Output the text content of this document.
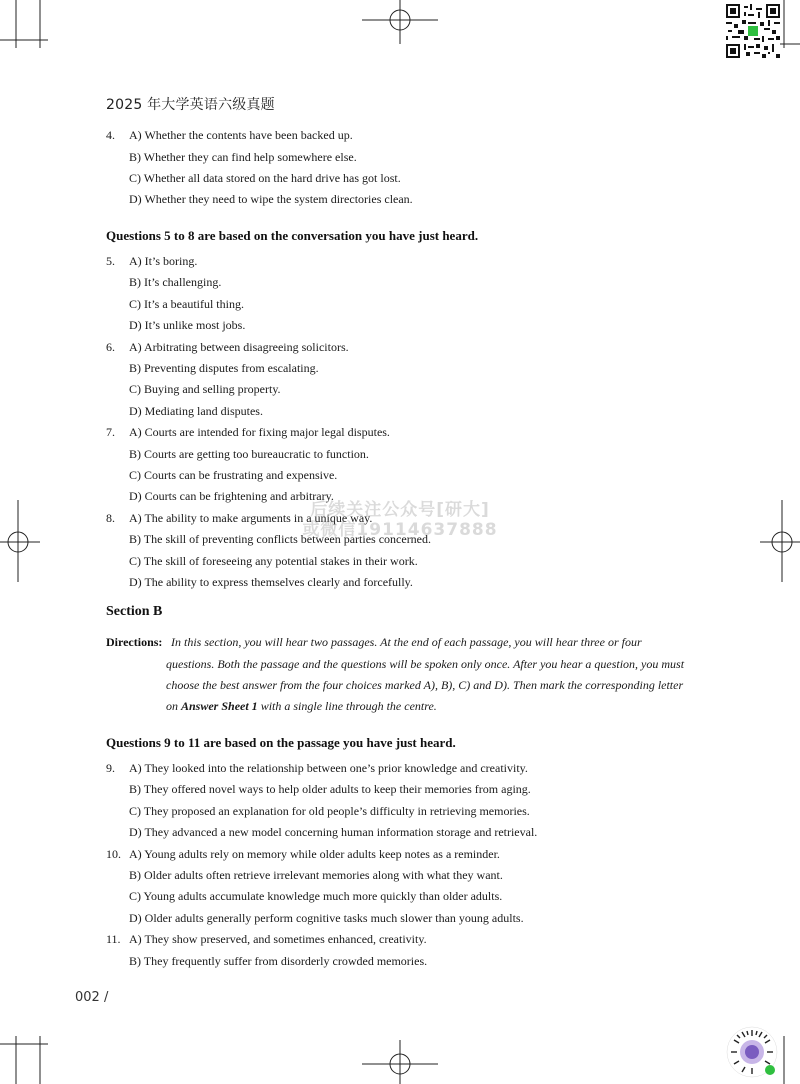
2025 年大学英语六级真题
4. A) Whether the contents have been backed up.
B) Whether they can find help somewhere else.
C) Whether all data stored on the hard drive has got lost.
D) Whether they need to wipe the system directories clean.
Questions 5 to 8 are based on the conversation you have just heard.
5. A) It’s boring.
B) It’s challenging.
C) It’s a beautiful thing.
D) It’s unlike most jobs.
6. A) Arbitrating between disagreeing solicitors.
B) Preventing disputes from escalating.
C) Buying and selling property.
D) Mediating land disputes.
7. A) Courts are intended for fixing major legal disputes.
B) Courts are getting too bureaucratic to function.
C) Courts can be frustrating and expensive.
D) Courts can be frightening and arbitrary.
8. A) The ability to make arguments in a unique way.
B) The skill of preventing conflicts between parties concerned.
C) The skill of foreseeing any potential stakes in their work.
D) The ability to express themselves clearly and forcefully.
Section B
Directions: In this section, you will hear two passages. At the end of each passage, you will hear three or four
questions. Both the passage and the questions will be spoken only once. After you hear a question, you must
choose the best answer from the four choices marked A), B), C) and D). Then mark the corresponding letter
on Answer Sheet 1 with a single line through the centre.
Questions 9 to 11 are based on the passage you have just heard.
9. A) They looked into the relationship between one’s prior knowledge and creativity.
B) They offered novel ways to help older adults to keep their memories from aging.
C) They proposed an explanation for old people’s difficulty in retrieving memories.
D) They advanced a new model concerning human information storage and retrieval.
10. A) Young adults rely on memory while older adults keep notes as a reminder.
B) Older adults often retrieve irrelevant memories along with what they want.
C) Young adults accumulate knowledge much more quickly than older adults.
D) Older adults generally perform cognitive tasks much slower than young adults.
11. A) They show preserved, and sometimes enhanced, creativity.
B) They frequently suffer from disorderly crowded memories.
后续关注公众号[研大]
或微信19114637888
002 /
